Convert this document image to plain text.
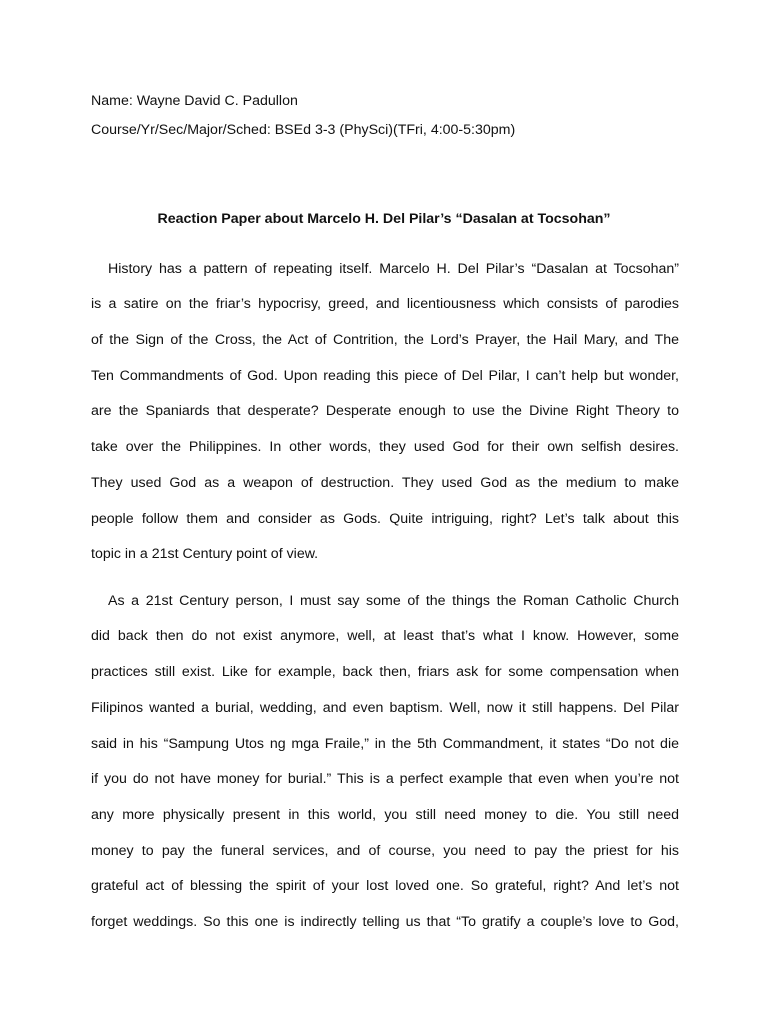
Name: Wayne David C. Padullon
Course/Yr/Sec/Major/Sched: BSEd 3-3 (PhySci)(TFri, 4:00-5:30pm)
Reaction Paper about Marcelo H. Del Pilar’s “Dasalan at Tocsohan”
History has a pattern of repeating itself. Marcelo H. Del Pilar’s “Dasalan at Tocsohan”
is a satire on the friar’s hypocrisy, greed, and licentiousness which consists of parodies
of the Sign of the Cross, the Act of Contrition, the Lord’s Prayer, the Hail Mary, and The
Ten Commandments of God. Upon reading this piece of Del Pilar, I can’t help but wonder,
are the Spaniards that desperate? Desperate enough to use the Divine Right Theory to
take over the Philippines. In other words, they used God for their own selfish desires.
They used God as a weapon of destruction. They used God as the medium to make
people follow them and consider as Gods. Quite intriguing, right? Let’s talk about this
topic in a 21st Century point of view.
As a 21st Century person, I must say some of the things the Roman Catholic Church
did back then do not exist anymore, well, at least that’s what I know. However, some
practices still exist. Like for example, back then, friars ask for some compensation when
Filipinos wanted a burial, wedding, and even baptism. Well, now it still happens. Del Pilar
said in his “Sampung Utos ng mga Fraile,” in the 5th Commandment, it states “Do not die
if you do not have money for burial.” This is a perfect example that even when you’re not
any more physically present in this world, you still need money to die. You still need
money to pay the funeral services, and of course, you need to pay the priest for his
grateful act of blessing the spirit of your lost loved one. So grateful, right? And let’s not
forget weddings. So this one is indirectly telling us that “To gratify a couple’s love to God,
